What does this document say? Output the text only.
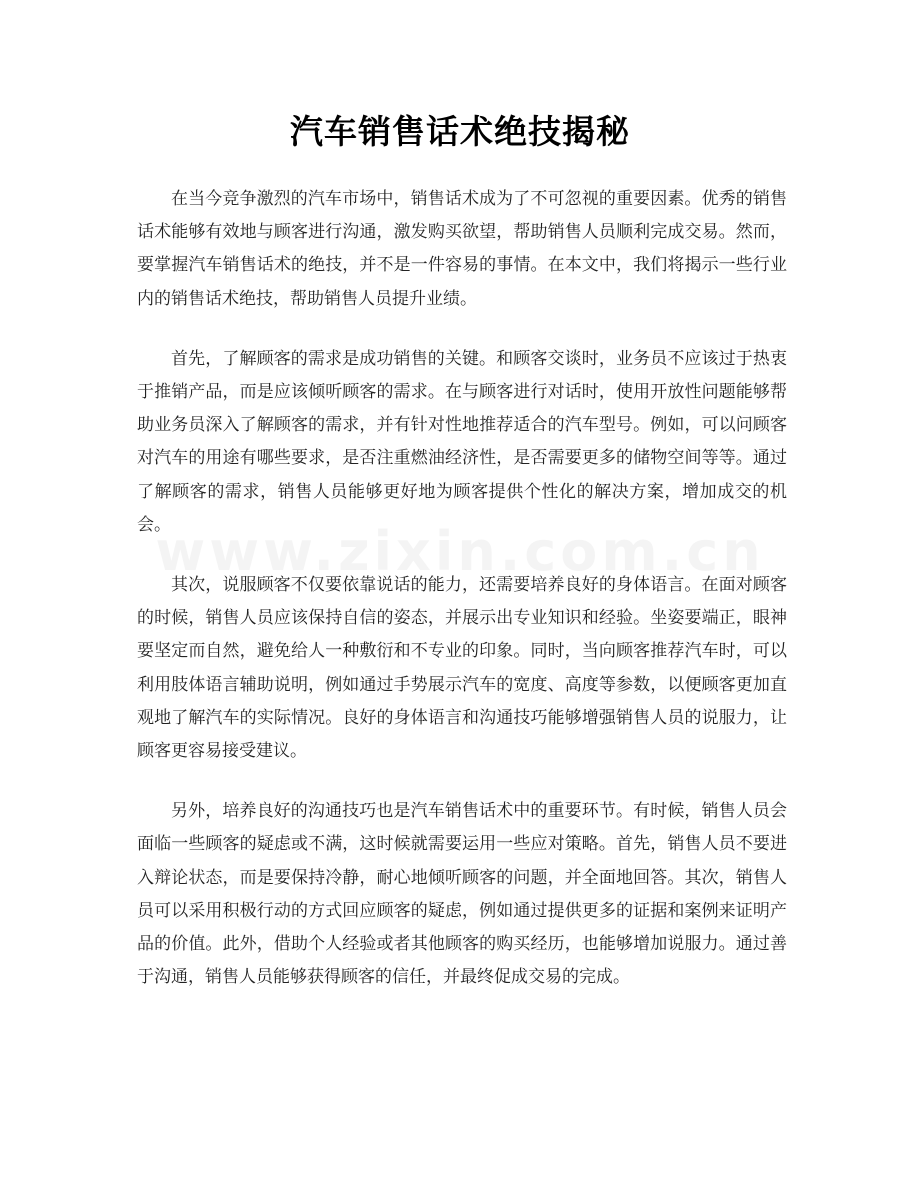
汽车销售话术绝技揭秘

在当今竞争激烈的汽车市场中，销售话术成为了不可忽视的重要因素。优秀的销售话术能够有效地与顾客进行沟通，激发购买欲望，帮助销售人员顺利完成交易。然而，要掌握汽车销售话术的绝技，并不是一件容易的事情。在本文中，我们将揭示一些行业内的销售话术绝技，帮助销售人员提升业绩。

首先，了解顾客的需求是成功销售的关键。和顾客交谈时，业务员不应该过于热衷于推销产品，而是应该倾听顾客的需求。在与顾客进行对话时，使用开放性问题能够帮助业务员深入了解顾客的需求，并有针对性地推荐适合的汽车型号。例如，可以问顾客对汽车的用途有哪些要求，是否注重燃油经济性，是否需要更多的储物空间等等。通过了解顾客的需求，销售人员能够更好地为顾客提供个性化的解决方案，增加成交的机会。

其次，说服顾客不仅要依靠说话的能力，还需要培养良好的身体语言。在面对顾客的时候，销售人员应该保持自信的姿态，并展示出专业知识和经验。坐姿要端正，眼神要坚定而自然，避免给人一种敷衍和不专业的印象。同时，当向顾客推荐汽车时，可以利用肢体语言辅助说明，例如通过手势展示汽车的宽度、高度等参数，以便顾客更加直观地了解汽车的实际情况。良好的身体语言和沟通技巧能够增强销售人员的说服力，让顾客更容易接受建议。

另外，培养良好的沟通技巧也是汽车销售话术中的重要环节。有时候，销售人员会面临一些顾客的疑虑或不满，这时候就需要运用一些应对策略。首先，销售人员不要进入辩论状态，而是要保持冷静，耐心地倾听顾客的问题，并全面地回答。其次，销售人员可以采用积极行动的方式回应顾客的疑虑，例如通过提供更多的证据和案例来证明产品的价值。此外，借助个人经验或者其他顾客的购买经历，也能够增加说服力。通过善于沟通，销售人员能够获得顾客的信任，并最终促成交易的完成。
